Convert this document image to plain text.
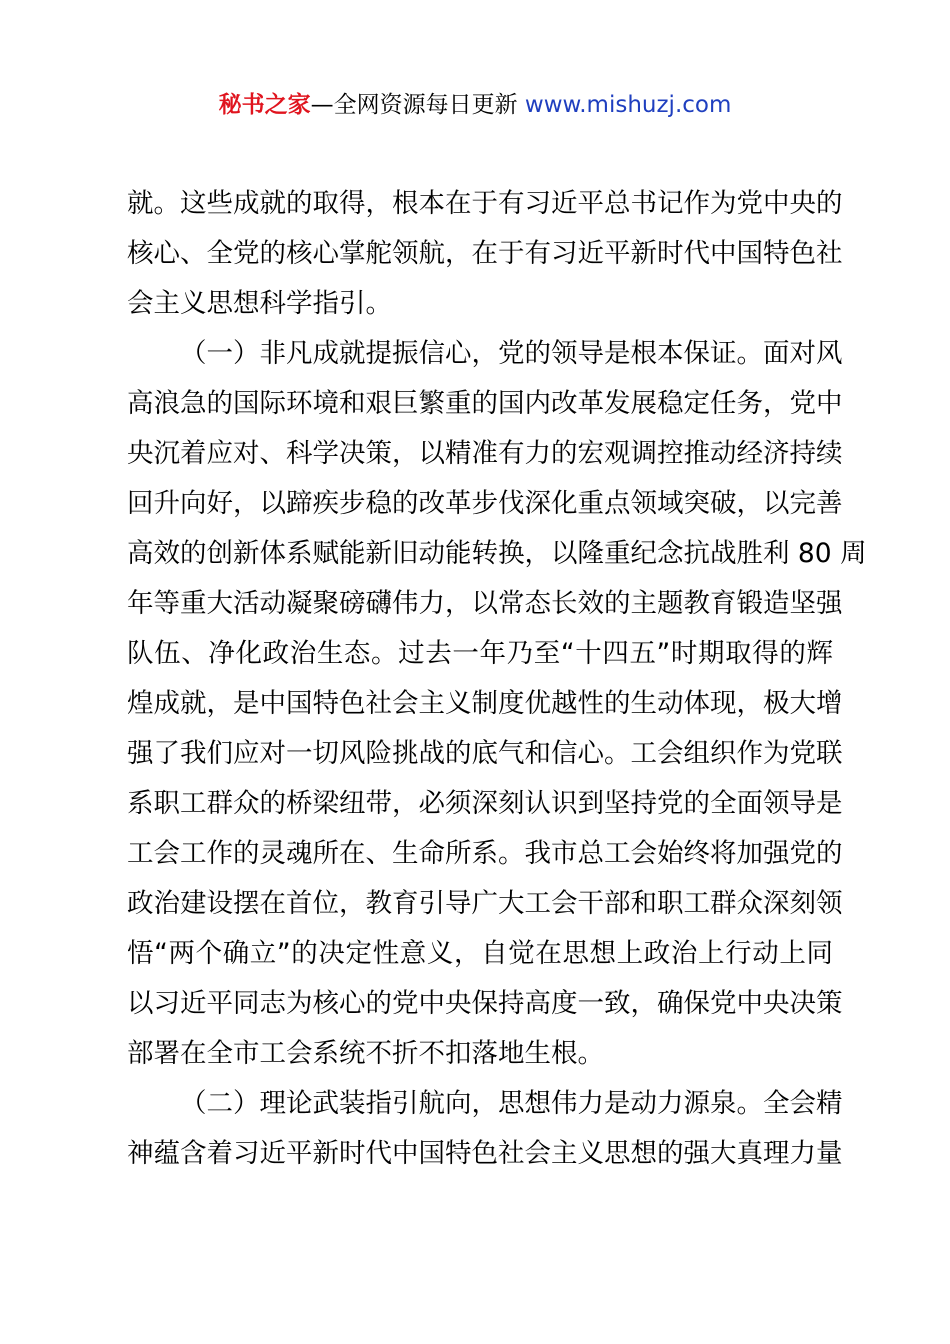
秘书之家—全网资源每日更新 www.mishuzj.com
就。这些成就的取得，根本在于有习近平总书记作为党中央的
核心、全党的核心掌舵领航，在于有习近平新时代中国特色社
会主义思想科学指引。
（一）非凡成就提振信心，党的领导是根本保证。面对风
高浪急的国际环境和艰巨繁重的国内改革发展稳定任务，党中
央沉着应对、科学决策，以精准有力的宏观调控推动经济持续
回升向好，以蹄疾步稳的改革步伐深化重点领域突破，以完善
高效的创新体系赋能新旧动能转换，以隆重纪念抗战胜利 80 周
年等重大活动凝聚磅礴伟力，以常态长效的主题教育锻造坚强
队伍、净化政治生态。过去一年乃至“十四五”时期取得的辉
煌成就，是中国特色社会主义制度优越性的生动体现，极大增
强了我们应对一切风险挑战的底气和信心。工会组织作为党联
系职工群众的桥梁纽带，必须深刻认识到坚持党的全面领导是
工会工作的灵魂所在、生命所系。我市总工会始终将加强党的
政治建设摆在首位，教育引导广大工会干部和职工群众深刻领
悟“两个确立”的决定性意义，自觉在思想上政治上行动上同
以习近平同志为核心的党中央保持高度一致，确保党中央决策
部署在全市工会系统不折不扣落地生根。
（二）理论武装指引航向，思想伟力是动力源泉。全会精
神蕴含着习近平新时代中国特色社会主义思想的强大真理力量
